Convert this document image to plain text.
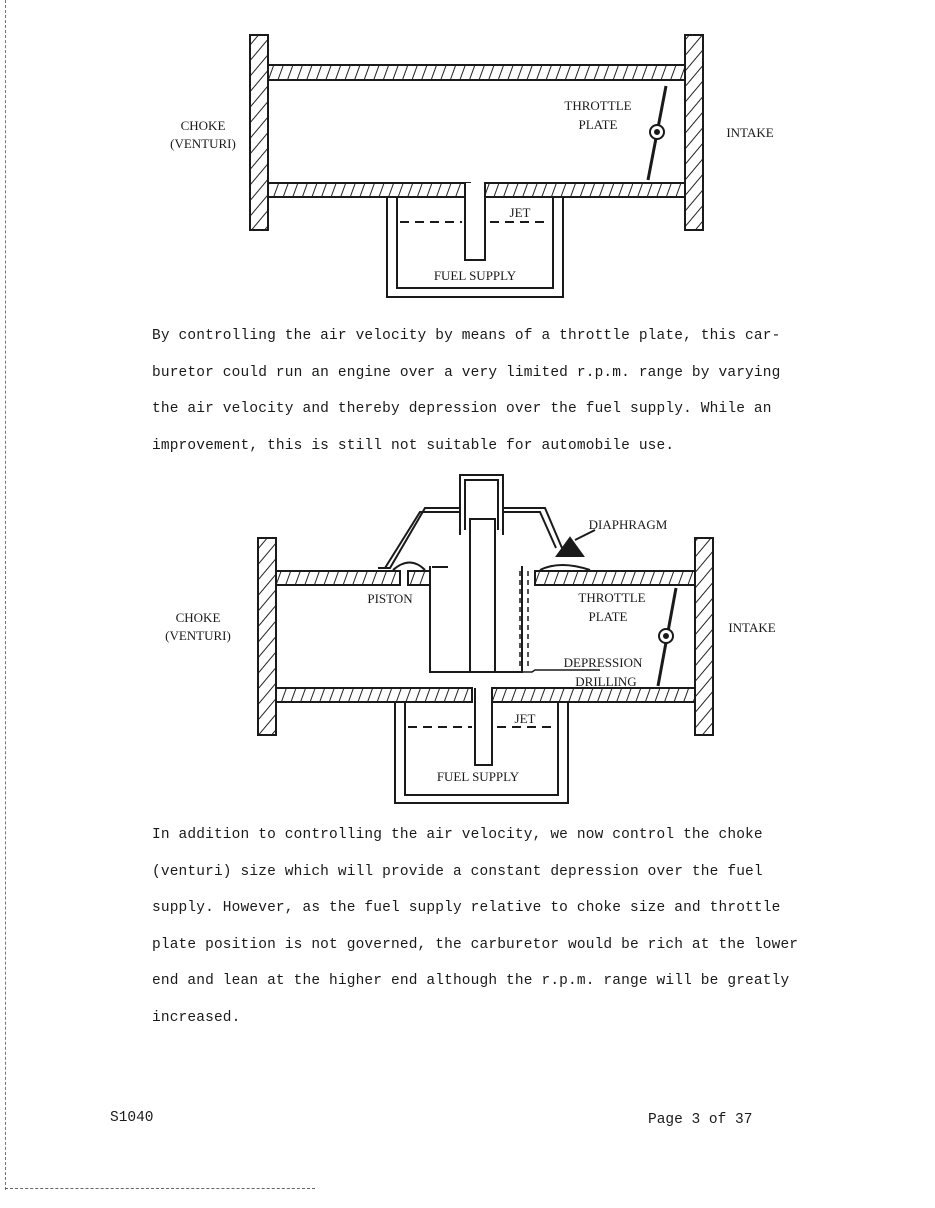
CHOKE
(VENTURI)
THROTTLE
PLATE
INTAKE
JET
FUEL SUPPLY
DIAPHRAGM
PISTON
CHOKE
(VENTURI)
THROTTLE
PLATE
INTAKE
DEPRESSION
DRILLING
JET
FUEL SUPPLY

By controlling the air velocity by means of a throttle plate, this car-
buretor could run an engine over a very limited r.p.m. range by varying
the air velocity and thereby depression over the fuel supply. While an
improvement, this is still not suitable for automobile use.

In addition to controlling the air velocity, we now control the choke
(venturi) size which will provide a constant depression over the fuel
supply. However, as the fuel supply relative to choke size and throttle
plate position is not governed, the carburetor would be rich at the lower
end and lean at the higher end although the r.p.m. range will be greatly
increased.

S1040	Page 3 of 37
